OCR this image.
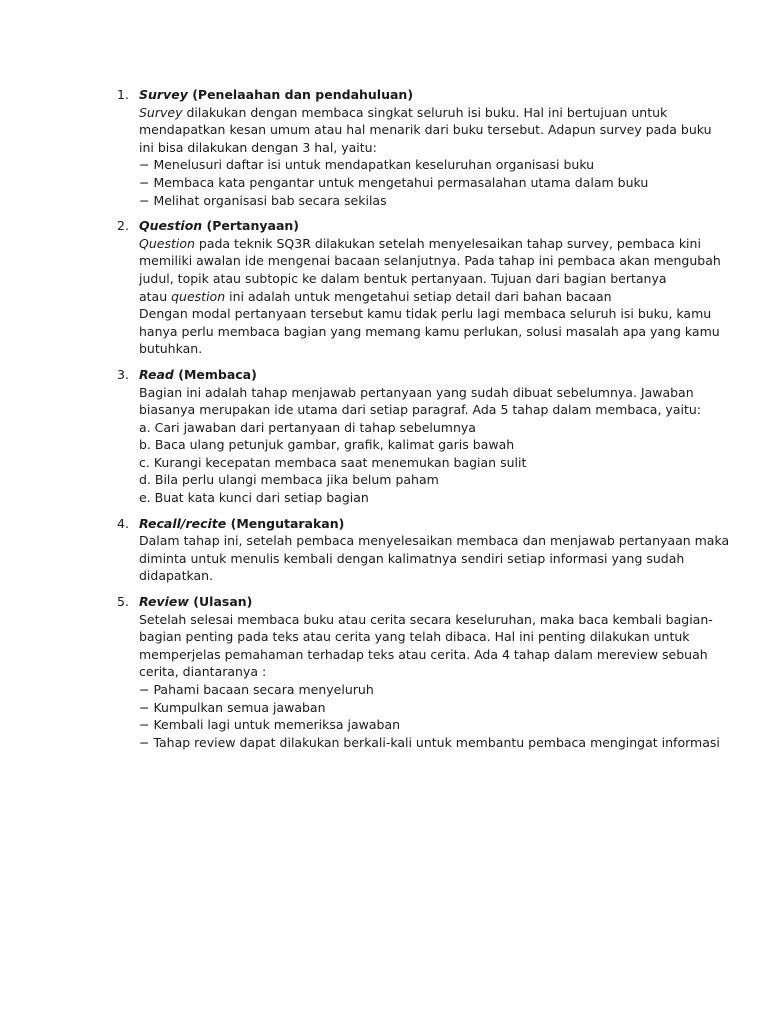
1. Survey (Penelaahan dan pendahuluan)
Survey dilakukan dengan membaca singkat seluruh isi buku. Hal ini bertujuan untuk
mendapatkan kesan umum atau hal menarik dari buku tersebut. Adapun survey pada buku
ini bisa dilakukan dengan 3 hal, yaitu:
− Menelusuri daftar isi untuk mendapatkan keseluruhan organisasi buku
− Membaca kata pengantar untuk mengetahui permasalahan utama dalam buku
− Melihat organisasi bab secara sekilas
2. Question (Pertanyaan)
Question pada teknik SQ3R dilakukan setelah menyelesaikan tahap survey, pembaca kini
memiliki awalan ide mengenai bacaan selanjutnya. Pada tahap ini pembaca akan mengubah
judul, topik atau subtopic ke dalam bentuk pertanyaan. Tujuan dari bagian bertanya
atau question ini adalah untuk mengetahui setiap detail dari bahan bacaan
Dengan modal pertanyaan tersebut kamu tidak perlu lagi membaca seluruh isi buku, kamu
hanya perlu membaca bagian yang memang kamu perlukan, solusi masalah apa yang kamu
butuhkan.
3. Read (Membaca)
Bagian ini adalah tahap menjawab pertanyaan yang sudah dibuat sebelumnya. Jawaban
biasanya merupakan ide utama dari setiap paragraf. Ada 5 tahap dalam membaca, yaitu:
a. Cari jawaban dari pertanyaan di tahap sebelumnya
b. Baca ulang petunjuk gambar, grafik, kalimat garis bawah
c. Kurangi kecepatan membaca saat menemukan bagian sulit
d. Bila perlu ulangi membaca jika belum paham
e. Buat kata kunci dari setiap bagian
4. Recall/recite (Mengutarakan)
Dalam tahap ini, setelah pembaca menyelesaikan membaca dan menjawab pertanyaan maka
diminta untuk menulis kembali dengan kalimatnya sendiri setiap informasi yang sudah
didapatkan.
5. Review (Ulasan)
Setelah selesai membaca buku atau cerita secara keseluruhan, maka baca kembali bagian-
bagian penting pada teks atau cerita yang telah dibaca. Hal ini penting dilakukan untuk
memperjelas pemahaman terhadap teks atau cerita. Ada 4 tahap dalam mereview sebuah
cerita, diantaranya :
− Pahami bacaan secara menyeluruh
− Kumpulkan semua jawaban
− Kembali lagi untuk memeriksa jawaban
− Tahap review dapat dilakukan berkali-kali untuk membantu pembaca mengingat informasi
